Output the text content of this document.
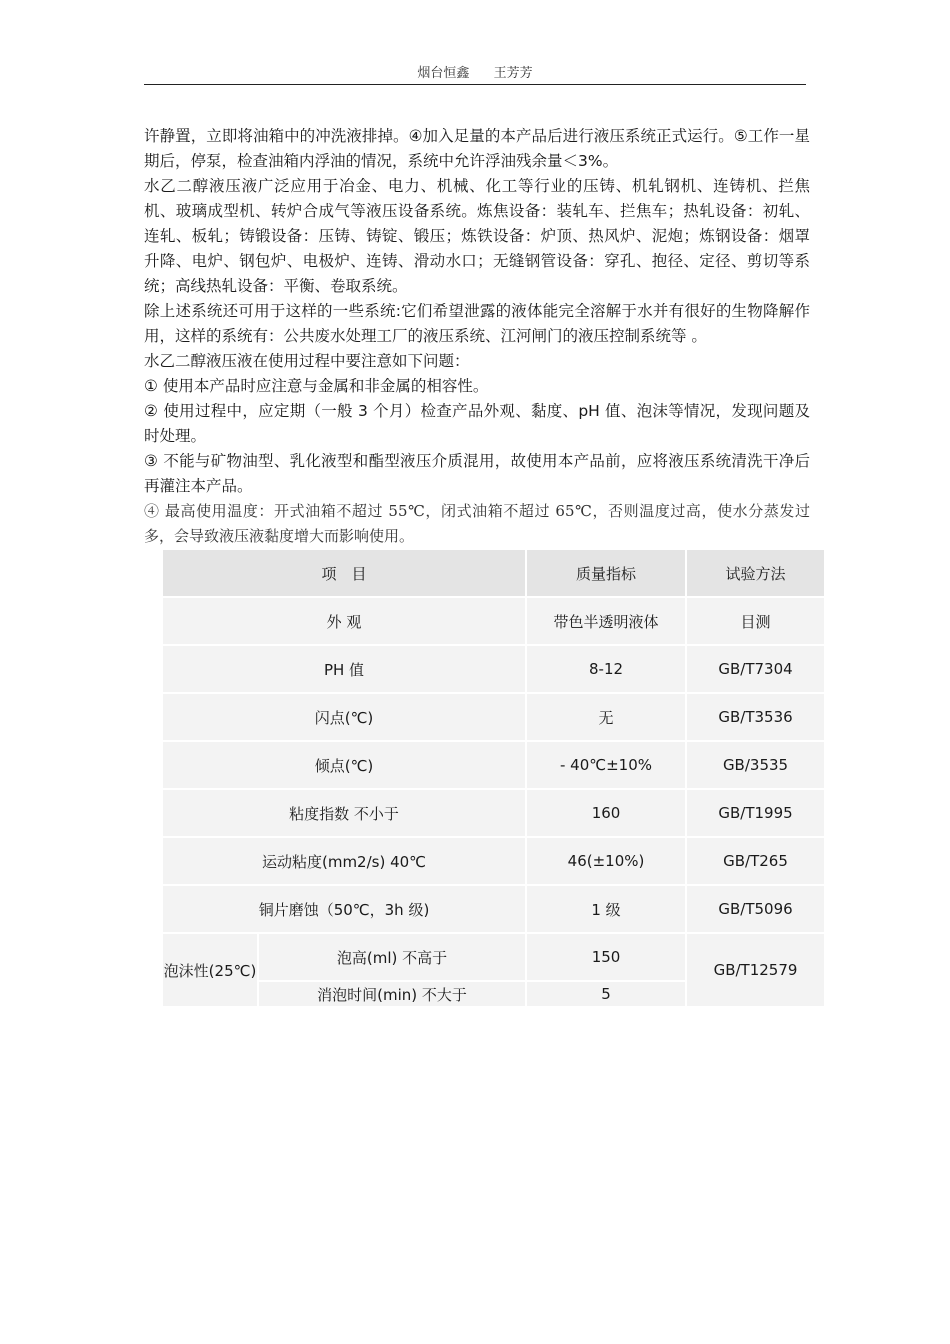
烟台恒鑫 王芳芳

许静置，立即将油箱中的冲洗液排掉。④加入足量的本产品后进行液压系统正式运行。⑤工作一星期后，停泵，检查油箱内浮油的情况，系统中允许浮油残余量＜3%。

水乙二醇液压液广泛应用于冶金、电力、机械、化工等行业的压铸、机轧钢机、连铸机、拦焦机、玻璃成型机、转炉合成气等液压设备系统。炼焦设备：装轧车、拦焦车；热轧设备：初轧、连轧、板轧；铸锻设备：压铸、铸锭、锻压；炼铁设备：炉顶、热风炉、泥炮；炼钢设备：烟罩升降、电炉、钢包炉、电极炉、连铸、滑动水口；无缝钢管设备：穿孔、抱径、定径、剪切等系统；高线热轧设备：平衡、卷取系统。

除上述系统还可用于这样的一些系统:它们希望泄露的液体能完全溶解于水并有很好的生物降解作用，这样的系统有：公共废水处理工厂的液压系统、江河闸门的液压控制系统等 。

水乙二醇液压液在使用过程中要注意如下问题：

① 使用本产品时应注意与金属和非金属的相容性。

② 使用过程中，应定期（一般 3 个月）检查产品外观、黏度、pH 值、泡沫等情况，发现问题及时处理。

③ 不能与矿物油型、乳化液型和酯型液压介质混用，故使用本产品前，应将液压系统清洗干净后再灌注本产品。

④ 最高使用温度：开式油箱不超过 55℃，闭式油箱不超过 65℃，否则温度过高，使水分蒸发过多，会导致液压液黏度增大而影响使用。

项　目		质量指标	试验方法
外 观		带色半透明液体	目测
PH 值		8-12	GB/T7304
闪点(℃)		无	GB/T3536
倾点(℃)		- 40℃±10%	GB/3535
粘度指数 不小于		160	GB/T1995
运动粘度(mm2/s) 40℃		46(±10%)	GB/T265
铜片磨蚀（50℃，3h 级)		1 级	GB/T5096
泡沫性(25℃)	泡高(ml) 不高于	150	GB/T12579
	消泡时间(min) 不大于	5	
